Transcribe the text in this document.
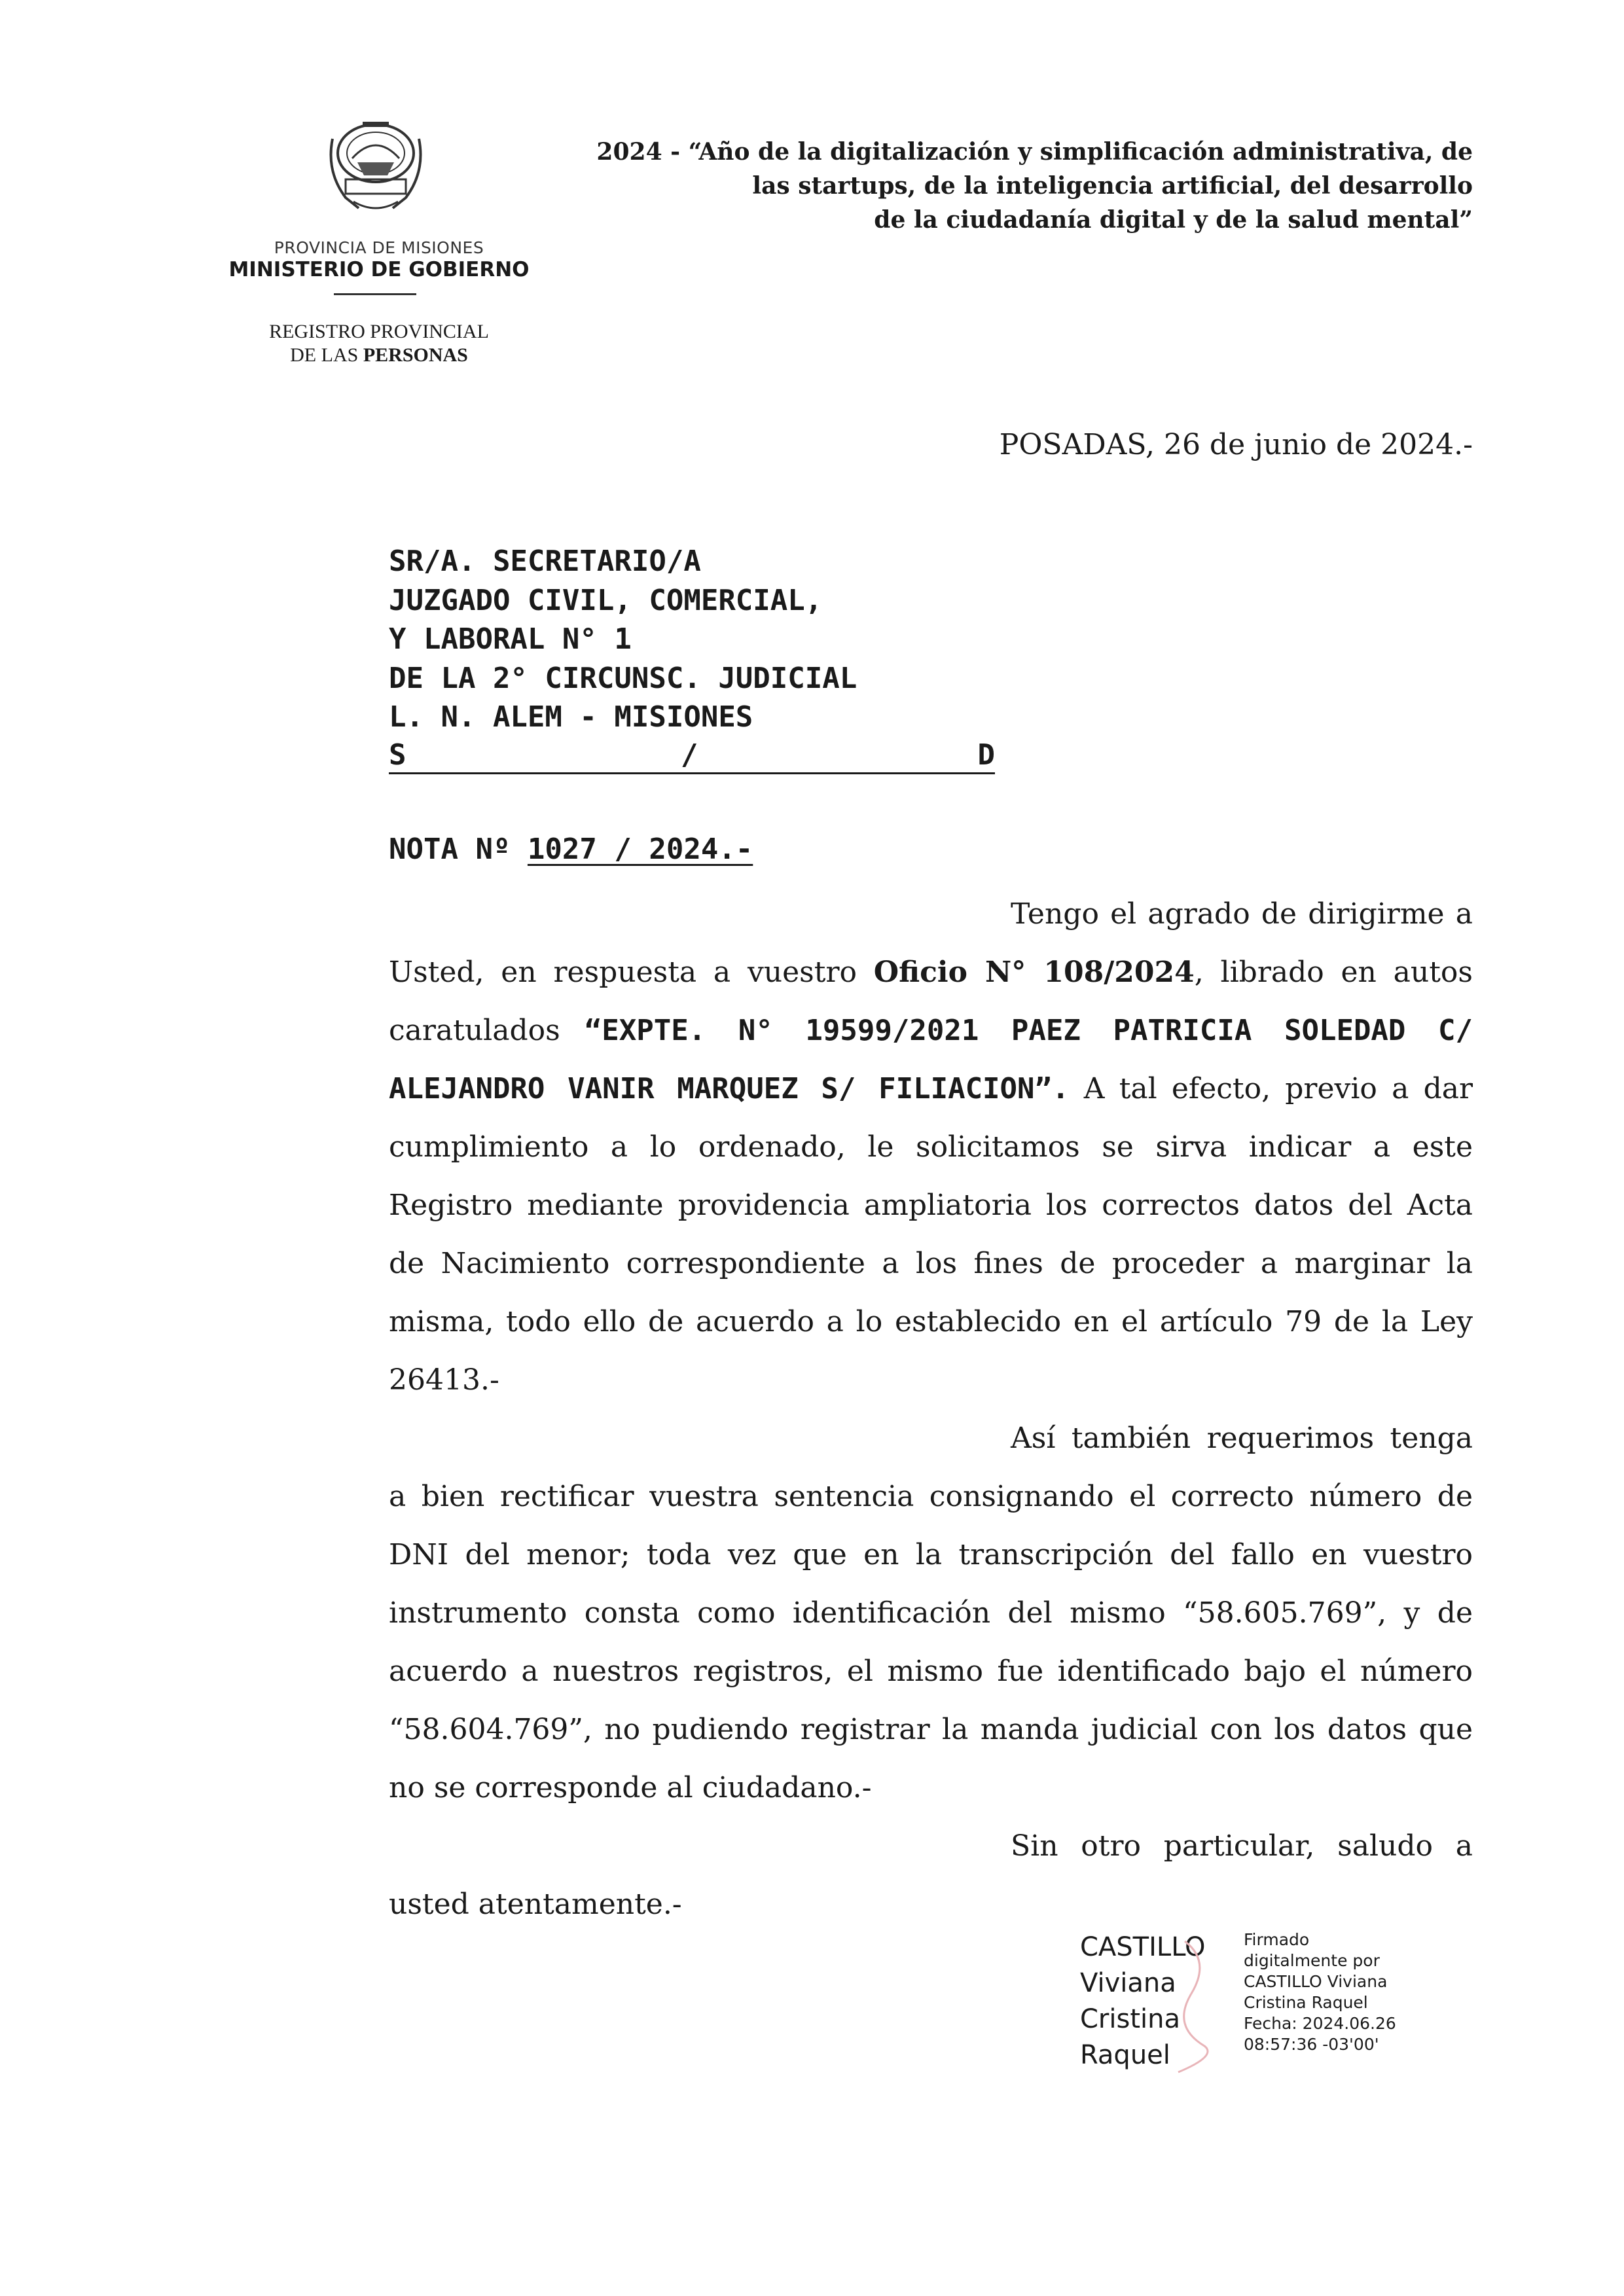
PROVINCIA DE MISIONES
MINISTERIO DE GOBIERNO
REGISTRO PROVINCIAL
DE LAS PERSONAS
2024 - “Año de la digitalización y simplificación administrativa, de
las startups, de la inteligencia artificial, del desarrollo
de la ciudadanía digital y de la salud mental”
POSADAS, 26 de junio de 2024.-
SR/A. SECRETARIO/A
JUZGADO CIVIL, COMERCIAL,
Y LABORAL N° 1
DE LA 2° CIRCUNSC. JUDICIAL
L. N. ALEM - MISIONES
S	/	D
NOTA Nº 1027 / 2024.-

Tengo el agrado de dirigirme a Usted, en respuesta a vuestro Oficio N° 108/2024, librado en autos caratulados “EXPTE. N° 19599/2021 PAEZ PATRICIA SOLEDAD C/ ALEJANDRO VANIR MARQUEZ S/ FILIACION”. A tal efecto, previo a dar cumplimiento a lo ordenado, le solicitamos se sirva indicar a este Registro mediante providencia ampliatoria los correctos datos del Acta de Nacimiento correspondiente a los fines de proceder a marginar la misma, todo ello de acuerdo a lo establecido en el artículo 79 de la Ley 26413.-

Así también requerimos tenga a bien rectificar vuestra sentencia consignando el correcto número de DNI del menor; toda vez que en la transcripción del fallo en vuestro instrumento consta como identificación del mismo “58.605.769”, y de acuerdo a nuestros registros, el mismo fue identificado bajo el número “58.604.769”, no pudiendo registrar la manda judicial con los datos que no se corresponde al ciudadano.-

Sin otro particular, saludo a usted atentamente.-

CASTILLO
Viviana
Cristina
Raquel
Firmado
digitalmente por
CASTILLO Viviana
Cristina Raquel
Fecha: 2024.06.26
08:57:36 -03'00'
